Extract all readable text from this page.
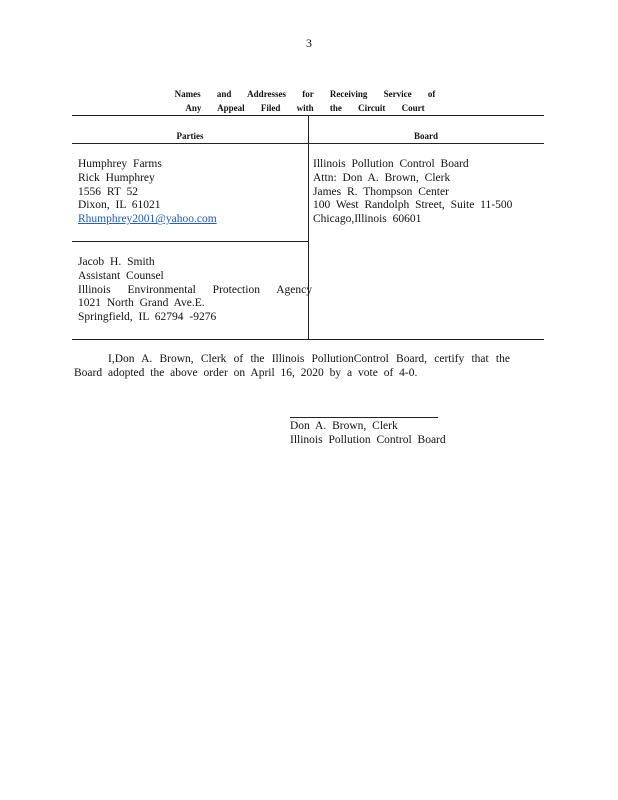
3
Names and Addresses for Receiving Service of
Any Appeal Filed with the Circuit Court
Parties	Board
Humphrey Farms
Rick Humphrey
1556 RT 52
Dixon, IL 61021
Rhumphrey2001@yahoo.com
Jacob H. Smith
Assistant Counsel
Illinois Environmental Protection Agency
1021 North Grand Ave.E.
Springfield, IL 62794 -9276
Illinois Pollution Control Board
Attn: Don A. Brown, Clerk
James R. Thompson Center
100 West Randolph Street, Suite 11-500
Chicago,Illinois 60601
I,Don A. Brown, Clerk of the Illinois PollutionControl Board, certify that the Board adopted the above order on April 16, 2020 by a vote of 4-0.
Don A. Brown, Clerk
Illinois Pollution Control Board
